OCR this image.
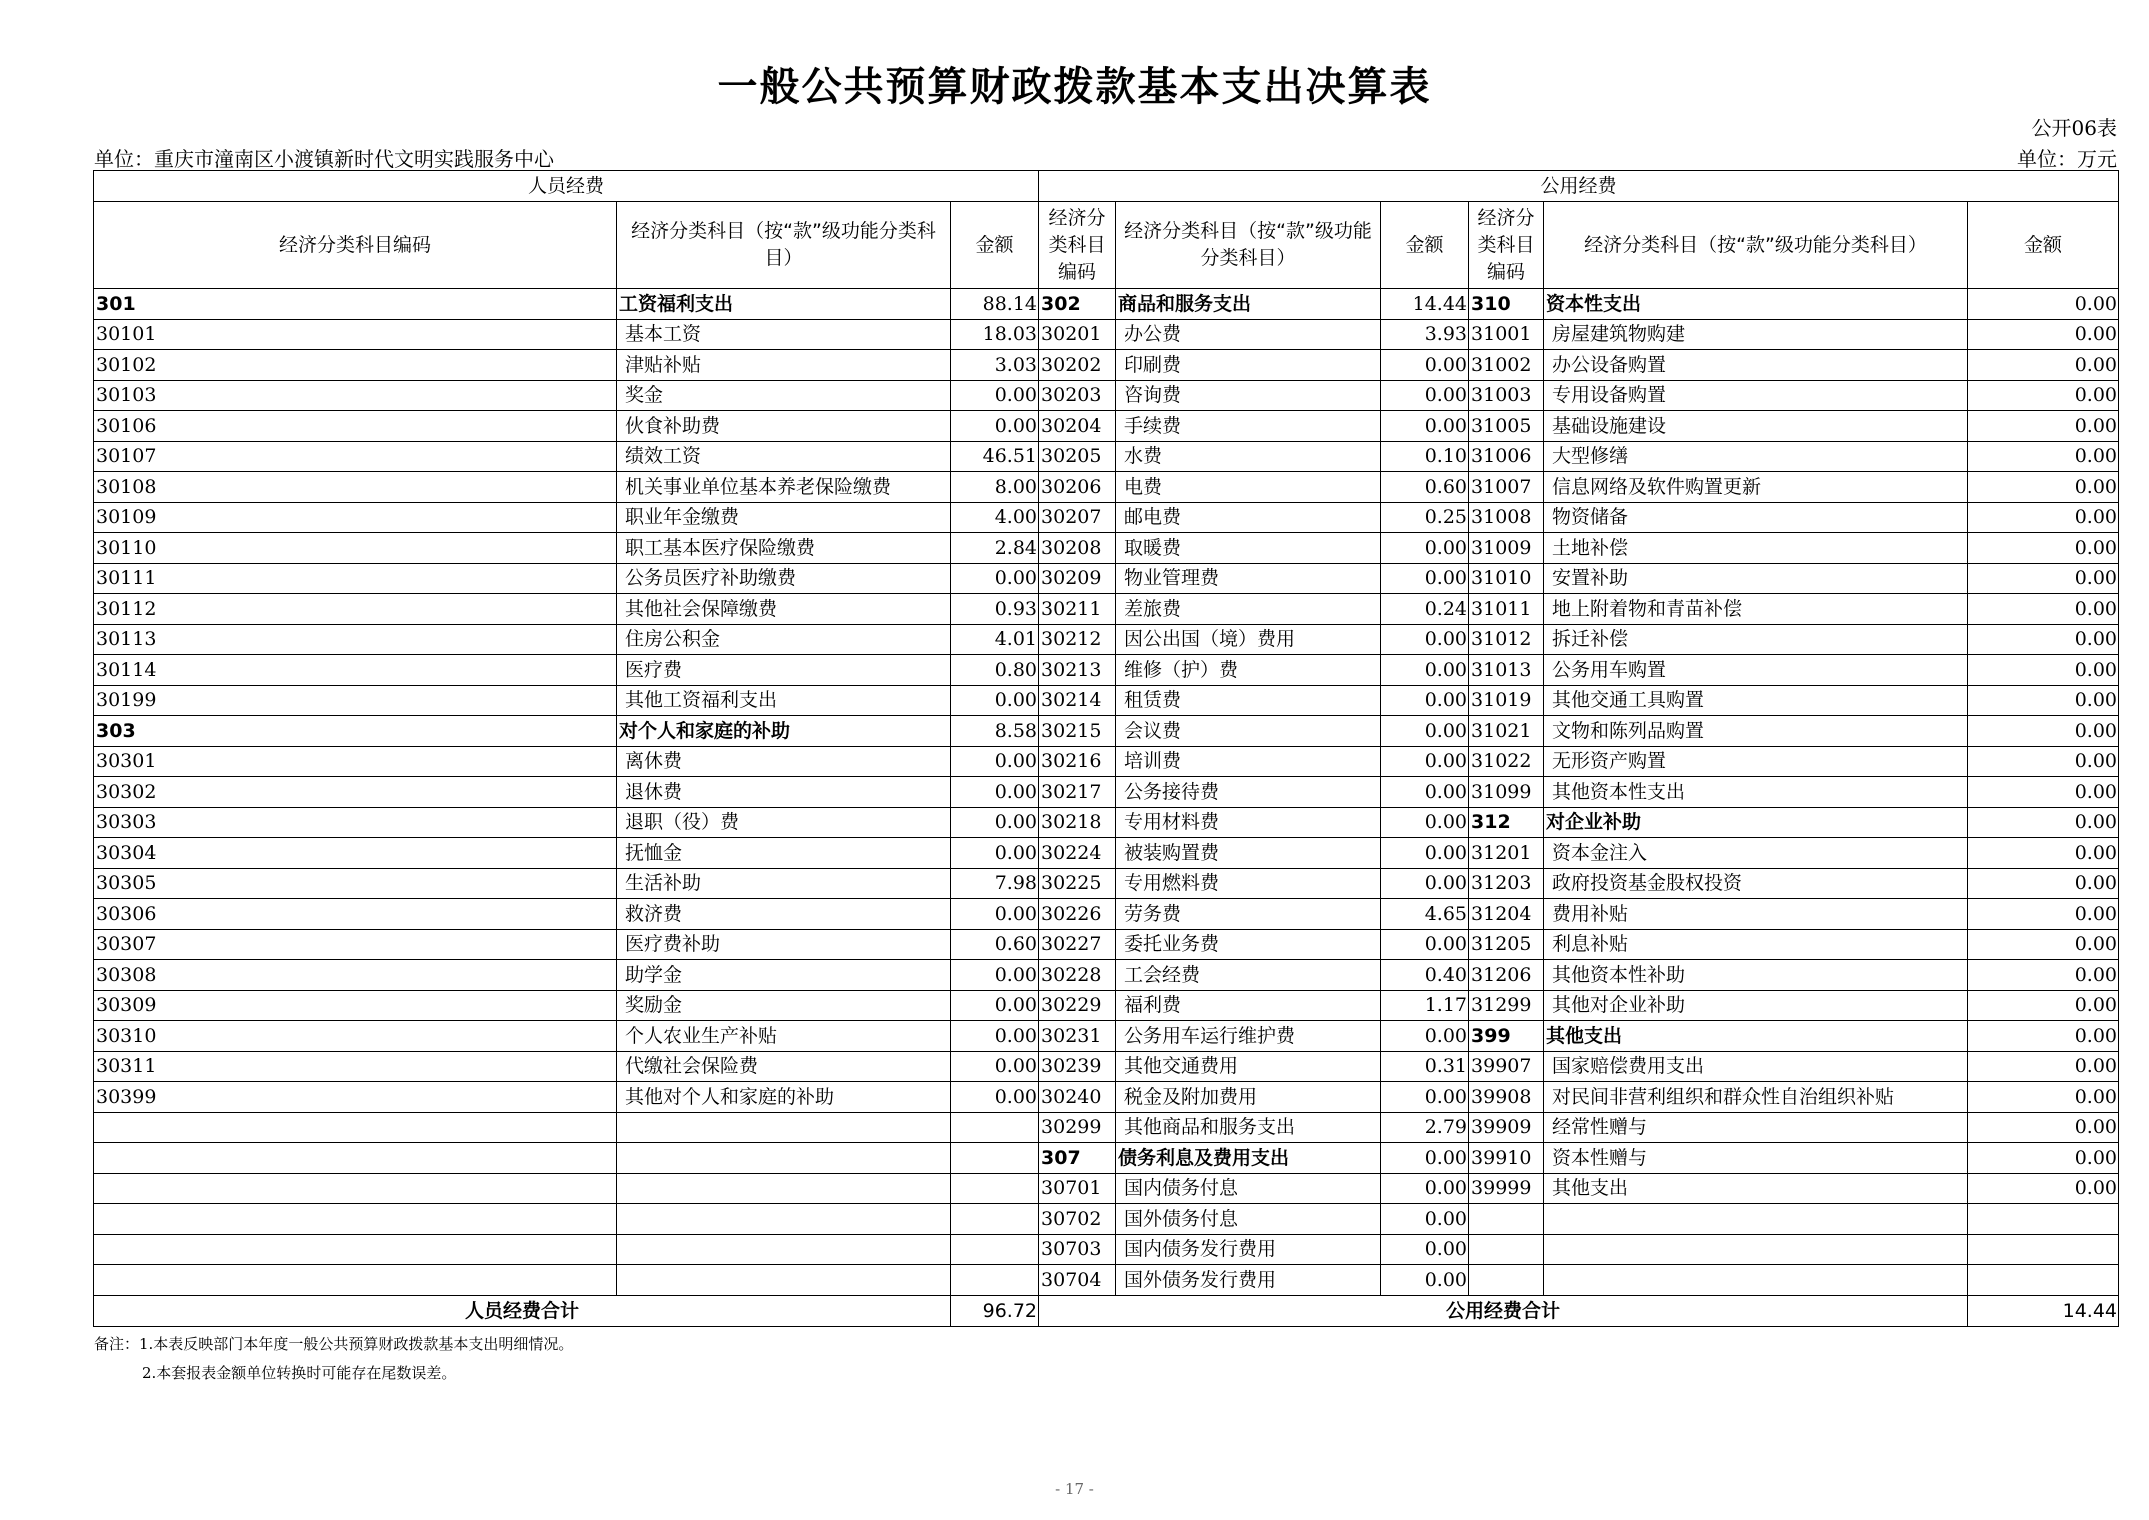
一般公共预算财政拨款基本支出决算表
公开06表
单位：重庆市潼南区小渡镇新时代文明实践服务中心	单位：万元
人员经费			公用经费					
经济分类科目编码	经济分类科目（按“款”级功能分类科目）	金额	经济分类科目编码	经济分类科目（按“款”级功能分类科目）	金额	经济分类科目编码	经济分类科目（按“款”级功能分类科目）	金额
301	工资福利支出	88.14	302	商品和服务支出	14.44	310	资本性支出	0.00
30101	基本工资	18.03	30201	办公费	3.93	31001	房屋建筑物购建	0.00
30102	津贴补贴	3.03	30202	印刷费	0.00	31002	办公设备购置	0.00
30103	奖金	0.00	30203	咨询费	0.00	31003	专用设备购置	0.00
30106	伙食补助费	0.00	30204	手续费	0.00	31005	基础设施建设	0.00
30107	绩效工资	46.51	30205	水费	0.10	31006	大型修缮	0.00
30108	机关事业单位基本养老保险缴费	8.00	30206	电费	0.60	31007	信息网络及软件购置更新	0.00
30109	职业年金缴费	4.00	30207	邮电费	0.25	31008	物资储备	0.00
30110	职工基本医疗保险缴费	2.84	30208	取暖费	0.00	31009	土地补偿	0.00
30111	公务员医疗补助缴费	0.00	30209	物业管理费	0.00	31010	安置补助	0.00
30112	其他社会保障缴费	0.93	30211	差旅费	0.24	31011	地上附着物和青苗补偿	0.00
30113	住房公积金	4.01	30212	因公出国（境）费用	0.00	31012	拆迁补偿	0.00
30114	医疗费	0.80	30213	维修（护）费	0.00	31013	公务用车购置	0.00
30199	其他工资福利支出	0.00	30214	租赁费	0.00	31019	其他交通工具购置	0.00
303	对个人和家庭的补助	8.58	30215	会议费	0.00	31021	文物和陈列品购置	0.00
30301	离休费	0.00	30216	培训费	0.00	31022	无形资产购置	0.00
30302	退休费	0.00	30217	公务接待费	0.00	31099	其他资本性支出	0.00
30303	退职（役）费	0.00	30218	专用材料费	0.00	312	对企业补助	0.00
30304	抚恤金	0.00	30224	被装购置费	0.00	31201	资本金注入	0.00
30305	生活补助	7.98	30225	专用燃料费	0.00	31203	政府投资基金股权投资	0.00
30306	救济费	0.00	30226	劳务费	4.65	31204	费用补贴	0.00
30307	医疗费补助	0.60	30227	委托业务费	0.00	31205	利息补贴	0.00
30308	助学金	0.00	30228	工会经费	0.40	31206	其他资本性补助	0.00
30309	奖励金	0.00	30229	福利费	1.17	31299	其他对企业补助	0.00
30310	个人农业生产补贴	0.00	30231	公务用车运行维护费	0.00	399	其他支出	0.00
30311	代缴社会保险费	0.00	30239	其他交通费用	0.31	39907	国家赔偿费用支出	0.00
30399	其他对个人和家庭的补助	0.00	30240	税金及附加费用	0.00	39908	对民间非营利组织和群众性自治组织补贴	0.00
			30299	其他商品和服务支出	2.79	39909	经常性赠与	0.00
			307	债务利息及费用支出	0.00	39910	资本性赠与	0.00
			30701	国内债务付息	0.00	39999	其他支出	0.00
			30702	国外债务付息	0.00			
			30703	国内债务发行费用	0.00			
			30704	国外债务发行费用	0.00			
人员经费合计		96.72	公用经费合计					14.44
备注：1.本表反映部门本年度一般公共预算财政拨款基本支出明细情况。
2.本套报表金额单位转换时可能存在尾数误差。
- 17 -
